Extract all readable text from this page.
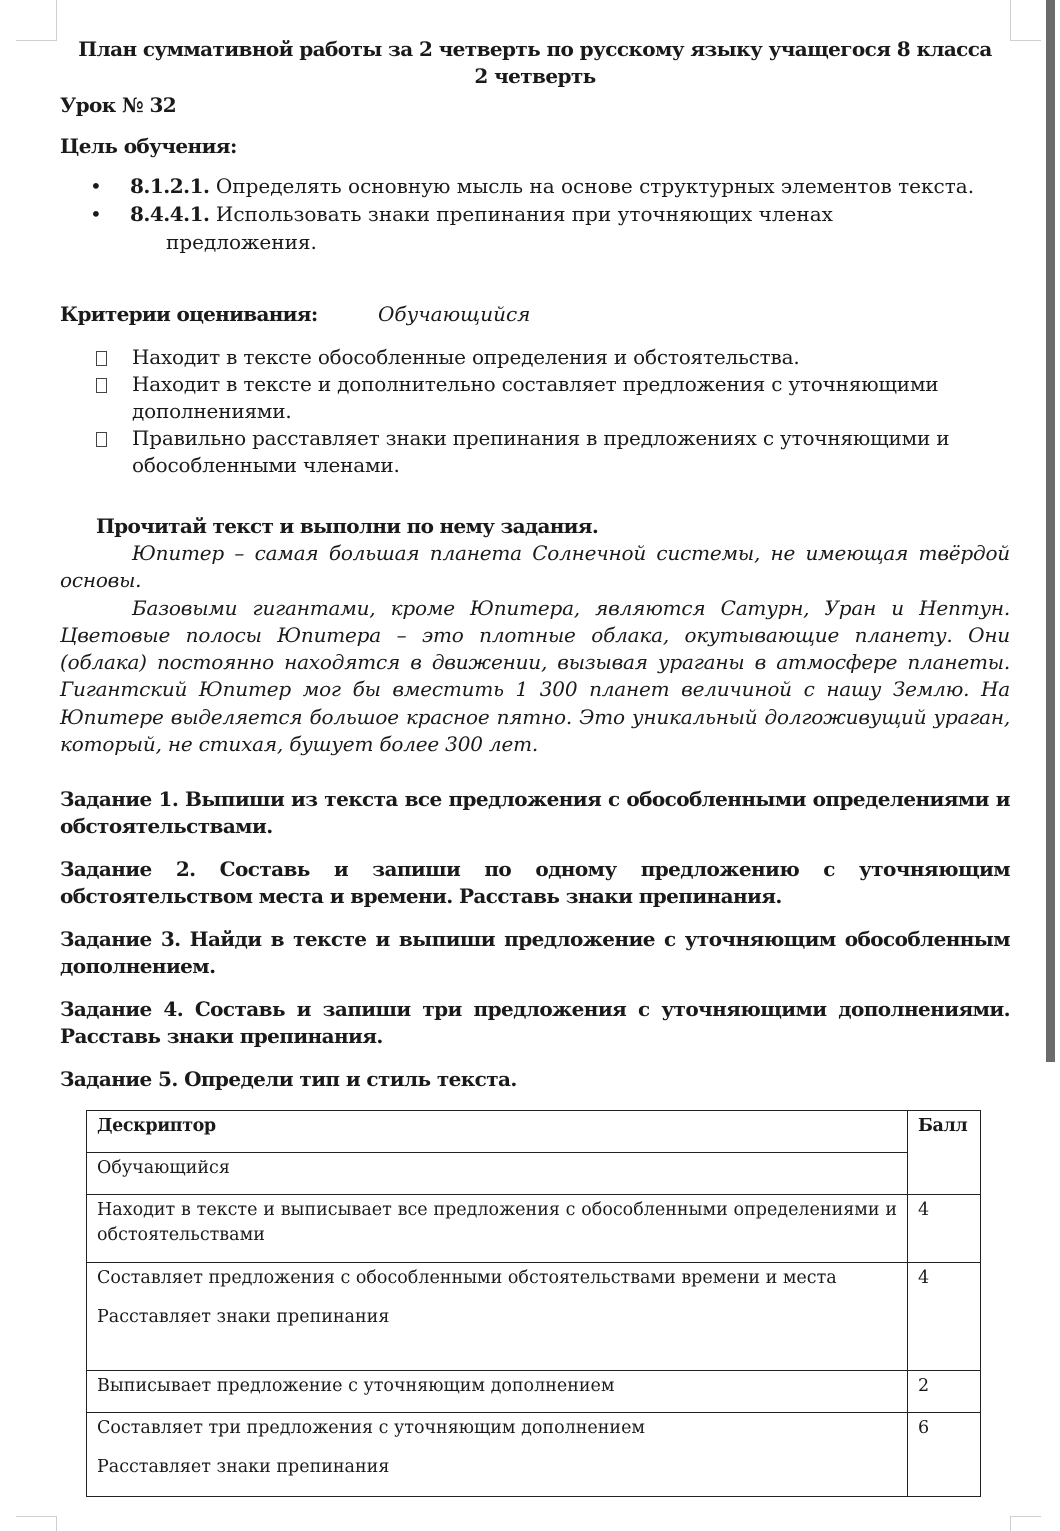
План суммативной работы за 2 четверть по русскому языку учащегося 8 класса
2 четверть
Урок № 32
Цель обучения:
• 8.1.2.1. Определять основную мысль на основе структурных элементов текста.
• 8.4.4.1. Использовать знаки препинания при уточняющих членах
предложения.
Критерии оценивания:	Обучающийся
Находит в тексте обособленные определения и обстоятельства.
Находит в тексте и дополнительно составляет предложения с уточняющими дополнениями.
Правильно расставляет знаки препинания в предложениях с уточняющими и обособленными членами.
Прочитай текст и выполни по нему задания.

Юпитер – самая большая планета Солнечной системы, не имеющая твёрдой основы.

Базовыми гигантами, кроме Юпитера, являются Сатурн, Уран и Нептун. Цветовые полосы Юпитера – это плотные облака, окутывающие планету. Они (облака) постоянно находятся в движении, вызывая ураганы в атмосфере планеты. Гигантский Юпитер мог бы вместить 1 300 планет величиной с нашу Землю. На Юпитере выделяется большое красное пятно. Это уникальный долгоживущий ураган, который, не стихая, бушует более 300 лет.

Задание 1. Выпиши из текста все предложения с обособленными определениями и обстоятельствами.
Задание 2. Составь и запиши по одному предложению с уточняющим обстоятельством места и времени. Расставь знаки препинания.
Задание 3. Найди в тексте и выпиши предложение с уточняющим обособленным дополнением.
Задание 4. Составь и запиши три предложения с уточняющими дополнениями. Расставь знаки препинания.
Задание 5. Определи тип и стиль текста.
Дескриптор	Балл
Обучающийся	

Находит в тексте и выписывает все предложения с обособленными определениями и обстоятельствами	4

Составляет предложения с обособленными обстоятельствами времени и места

Расставляет знаки препинания	4

Выписывает предложение с уточняющим дополнением	2

Составляет три предложения с уточняющим дополнением

Расставляет знаки препинания	6
